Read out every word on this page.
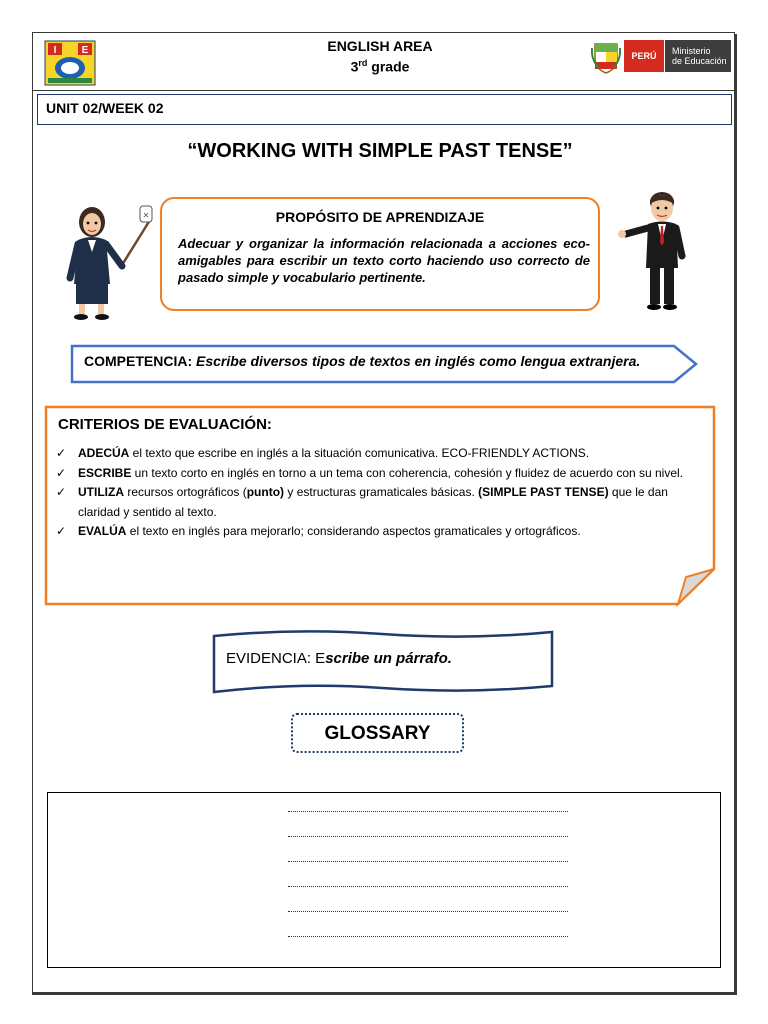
I	E	ENGLISH AREA
3rd grade
PERÚ	Ministerio
de Educación
UNIT 02/WEEK 02
“WORKING WITH SIMPLE PAST TENSE”
✕	PROPÓSITO DE APRENDIZAJE
Adecuar y organizar la información relacionada a acciones eco-amigables para escribir un texto corto haciendo uso correcto de pasado simple y vocabulario pertinente.
COMPETENCIA: Escribe diversos tipos de textos en inglés como lengua extranjera.
CRITERIOS DE EVALUACIÓN:
✓ ADECÚA el texto que escribe en inglés a la situación comunicativa. ECO-FRIENDLY ACTIONS.
✓ ESCRIBE un texto corto en inglés en torno a un tema con coherencia, cohesión y fluidez de acuerdo con su nivel.
✓ UTILIZA recursos ortográficos (punto) y estructuras gramaticales básicas. (SIMPLE PAST TENSE) que le dan claridad y sentido al texto.
✓ EVALÚA el texto en inglés para mejorarlo; considerando aspectos gramaticales y ortográficos.
EVIDENCIA: Escribe un párrafo.
GLOSSARY
